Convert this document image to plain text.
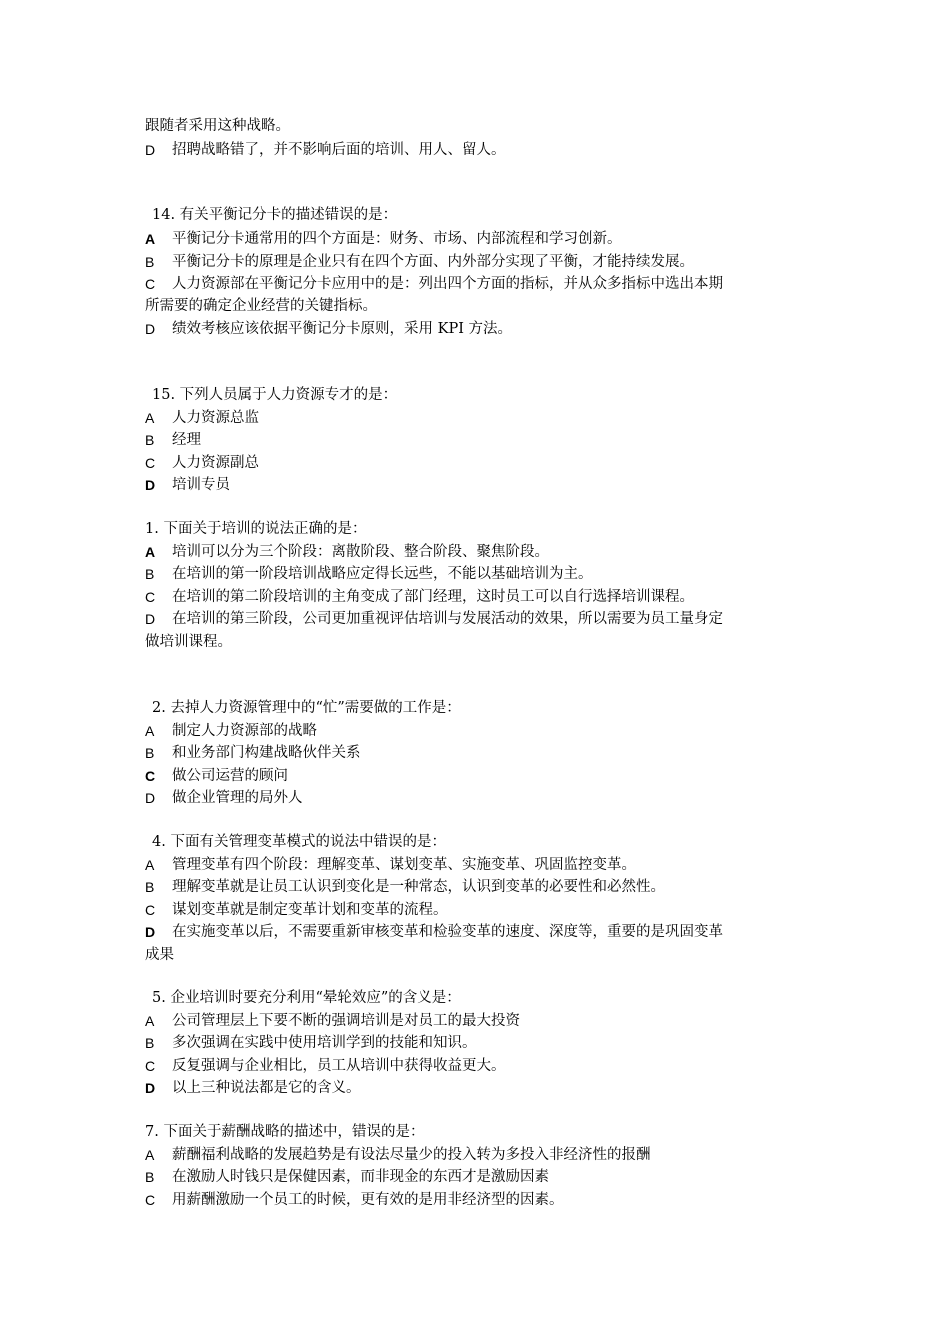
跟随者采用这种战略。
D	招聘战略错了，并不影响后面的培训、用人、留人。
14. 有关平衡记分卡的描述错误的是：
A	平衡记分卡通常用的四个方面是：财务、市场、内部流程和学习创新。
B	平衡记分卡的原理是企业只有在四个方面、内外部分实现了平衡，才能持续发展。
C	人力资源部在平衡记分卡应用中的是：列出四个方面的指标，并从众多指标中选出本期
所需要的确定企业经营的关键指标。
D	绩效考核应该依据平衡记分卡原则，采用 KPI 方法。
15. 下列人员属于人力资源专才的是：
A	人力资源总监
B	经理
C	人力资源副总
D	培训专员
1. 下面关于培训的说法正确的是：
A	培训可以分为三个阶段：离散阶段、整合阶段、聚焦阶段。
B	在培训的第一阶段培训战略应定得长远些，不能以基础培训为主。
C	在培训的第二阶段培训的主角变成了部门经理，这时员工可以自行选择培训课程。
D	在培训的第三阶段，公司更加重视评估培训与发展活动的效果，所以需要为员工量身定
做培训课程。
2. 去掉人力资源管理中的“忙”需要做的工作是：
A	制定人力资源部的战略
B	和业务部门构建战略伙伴关系
C	做公司运营的顾问
D	做企业管理的局外人
4. 下面有关管理变革模式的说法中错误的是：
A	管理变革有四个阶段：理解变革、谋划变革、实施变革、巩固监控变革。
B	理解变革就是让员工认识到变化是一种常态，认识到变革的必要性和必然性。
C	谋划变革就是制定变革计划和变革的流程。
D	在实施变革以后，不需要重新审核变革和检验变革的速度、深度等，重要的是巩固变革
成果
5. 企业培训时要充分利用“晕轮效应”的含义是：
A	公司管理层上下要不断的强调培训是对员工的最大投资
B	多次强调在实践中使用培训学到的技能和知识。
C	反复强调与企业相比，员工从培训中获得收益更大。
D	以上三种说法都是它的含义。
7. 下面关于薪酬战略的描述中，错误的是：
A	薪酬福利战略的发展趋势是有设法尽量少的投入转为多投入非经济性的报酬
B	在激励人时钱只是保健因素，而非现金的东西才是激励因素
C	用薪酬激励一个员工的时候，更有效的是用非经济型的因素。
